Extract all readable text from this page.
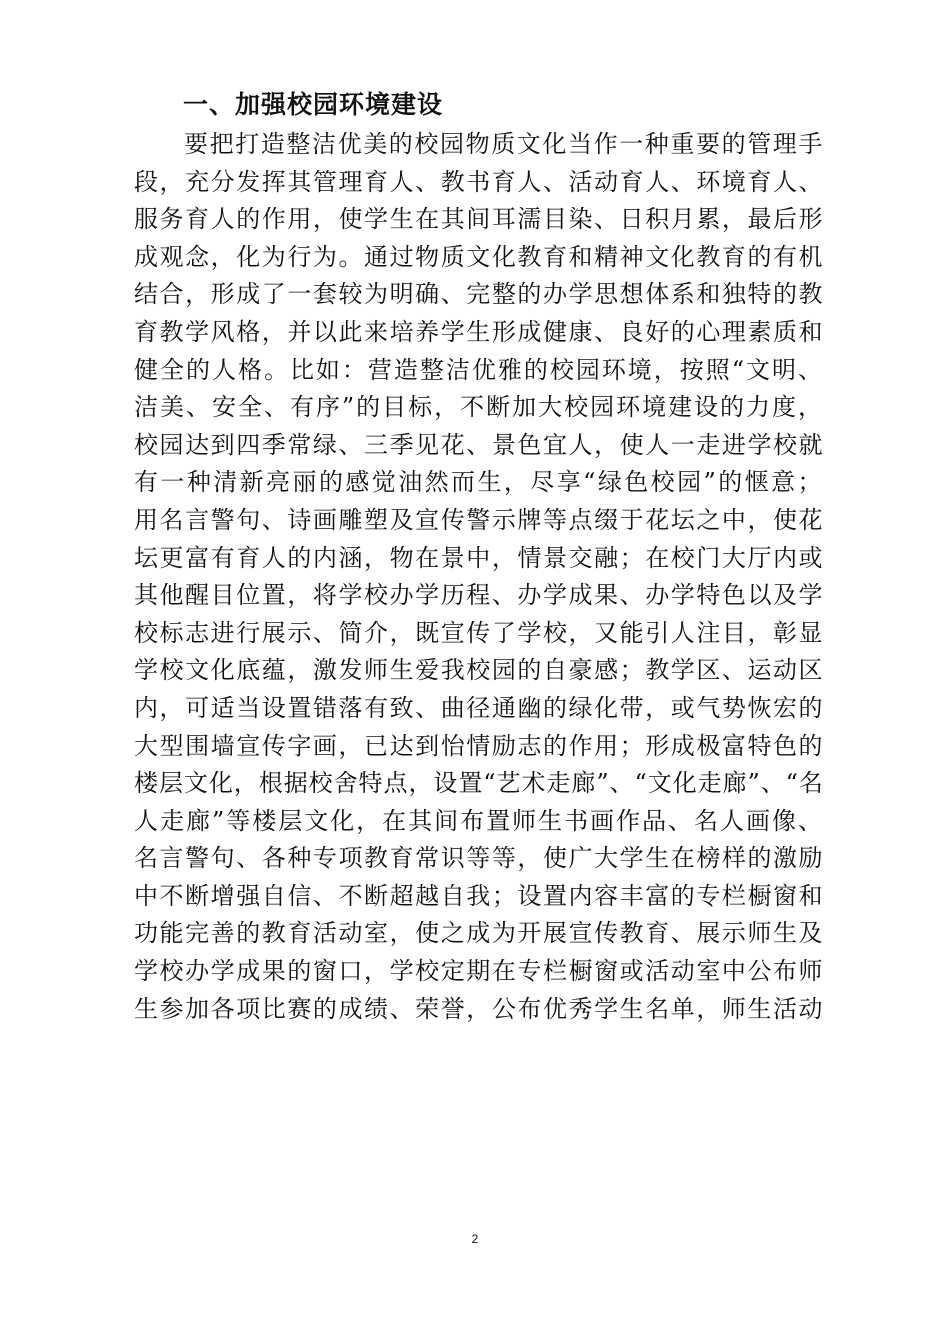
一、加强校园环境建设
要把打造整洁优美的校园物质文化当作一种重要的管理手
段，充分发挥其管理育人、教书育人、活动育人、环境育人、
服务育人的作用，使学生在其间耳濡目染、日积月累，最后形
成观念，化为行为。通过物质文化教育和精神文化教育的有机
结合，形成了一套较为明确、完整的办学思想体系和独特的教
育教学风格，并以此来培养学生形成健康、良好的心理素质和
健全的人格。比如：营造整洁优雅的校园环境，按照“文明、
洁美、安全、有序”的目标，不断加大校园环境建设的力度，
校园达到四季常绿、三季见花、景色宜人，使人一走进学校就
有一种清新亮丽的感觉油然而生，尽享“绿色校园”的惬意；
用名言警句、诗画雕塑及宣传警示牌等点缀于花坛之中，使花
坛更富有育人的内涵，物在景中，情景交融；在校门大厅内或
其他醒目位置，将学校办学历程、办学成果、办学特色以及学
校标志进行展示、简介，既宣传了学校，又能引人注目，彰显
学校文化底蕴，激发师生爱我校园的自豪感；教学区、运动区
内，可适当设置错落有致、曲径通幽的绿化带，或气势恢宏的
大型围墙宣传字画，已达到怡情励志的作用；形成极富特色的
楼层文化，根据校舍特点，设置“艺术走廊”、“文化走廊”、“名
人走廊”等楼层文化，在其间布置师生书画作品、名人画像、
名言警句、各种专项教育常识等等，使广大学生在榜样的激励
中不断增强自信、不断超越自我；设置内容丰富的专栏橱窗和
功能完善的教育活动室，使之成为开展宣传教育、展示师生及
学校办学成果的窗口，学校定期在专栏橱窗或活动室中公布师
生参加各项比赛的成绩、荣誉，公布优秀学生名单，师生活动
2
